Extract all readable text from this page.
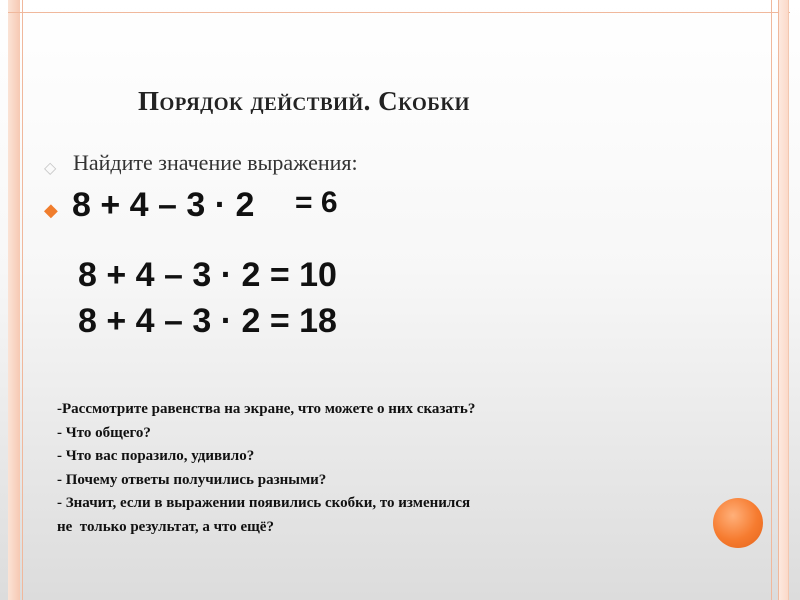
Порядок действий. Скобки
◇ Найдите значение выражения:
◆ 8 + 4 – 3 · 2 = 6
8 + 4 – 3 · 2 = 10
8 + 4 – 3 · 2 = 18
-Рассмотрите равенства на экране, что можете о них сказать?
- Что общего?
- Что вас поразило, удивило?
- Почему ответы получились разными?
- Значит, если в выражении появились скобки, то изменился
не  только результат, а что ещё?
